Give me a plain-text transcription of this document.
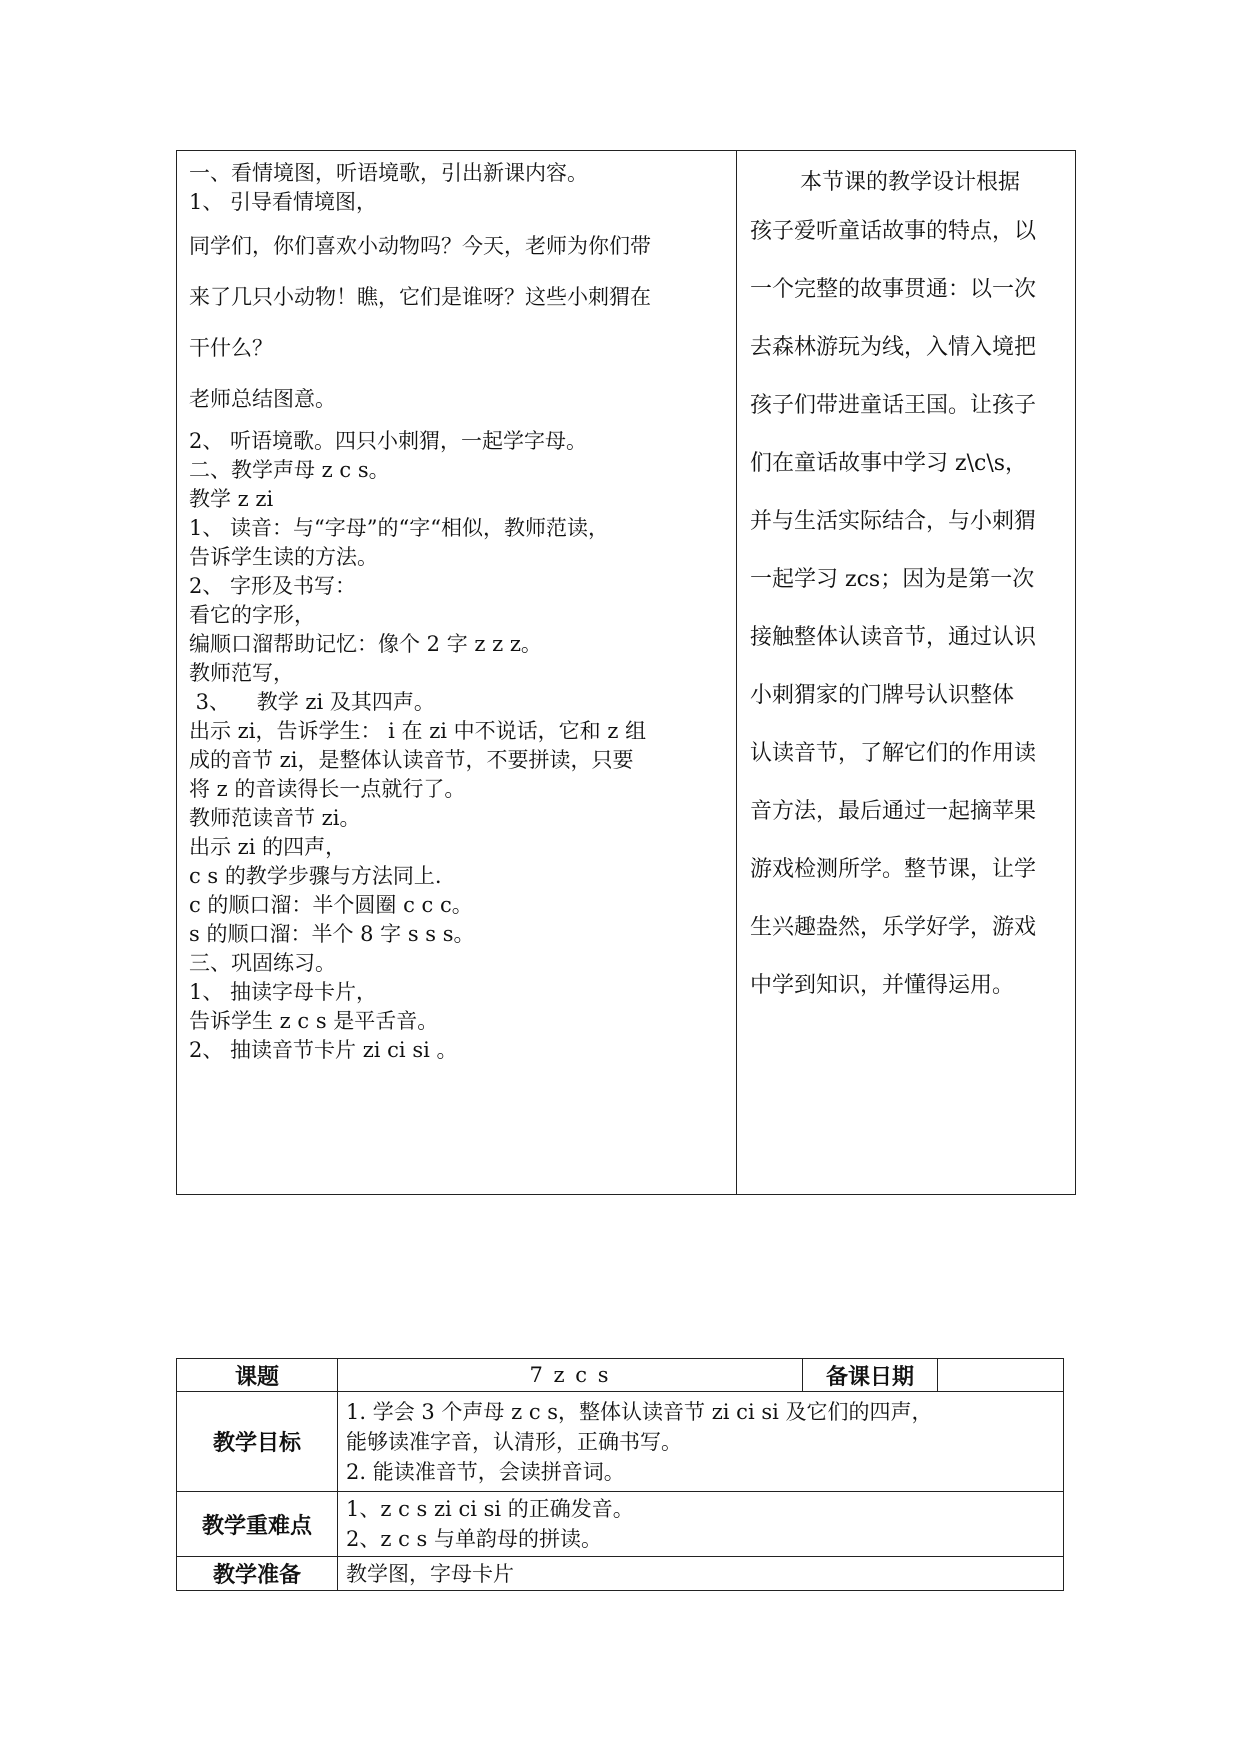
一、看情境图，听语境歌，引出新课内容。
1、 引导看情境图，
同学们，你们喜欢小动物吗？今天，老师为你们带
来了几只小动物！瞧，它们是谁呀？这些小刺猬在
干什么？
老师总结图意。
2、 听语境歌。四只小刺猬，一起学字母。
二、教学声母 z c s。
教学 z zi
1、 读音：与“字母”的“字“相似，教师范读，
告诉学生读的方法。
2、 字形及书写：
看它的字形，
编顺口溜帮助记忆：像个 2 字 z z z。
教师范写，
3、    教学 zi 及其四声。
出示 zi，告诉学生： i 在 zi 中不说话，它和 z 组
成的音节 zi，是整体认读音节，不要拼读，只要
将 z 的音读得长一点就行了。
教师范读音节 zi。
出示 zi 的四声，
c s 的教学步骤与方法同上.
c 的顺口溜：半个圆圈 c c c。
s 的顺口溜：半个 8 字 s s s。
三、巩固练习。
1、 抽读字母卡片，
告诉学生 z c s 是平舌音。
2、 抽读音节卡片 zi ci si 。
本节课的教学设计根据
孩子爱听童话故事的特点，以
一个完整的故事贯通：以一次
去森林游玩为线，入情入境把
孩子们带进童话王国。让孩子
们在童话故事中学习 z\c\s，
并与生活实际结合，与小刺猬
一起学习 zcs；因为是第一次
接触整体认读音节，通过认识
小刺猬家的门牌号认识整体
认读音节，了解它们的作用读
音方法，最后通过一起摘苹果
游戏检测所学。整节课，让学
生兴趣盎然，乐学好学，游戏
中学到知识，并懂得运用。
课题	7 z c s	备课日期	
教学目标	1. 学会 3 个声母 z c s，整体认读音节 zi ci si 及它们的四声，
能够读准字音，认清形，正确书写。
2. 能读准音节，会读拼音词。		

教学重难点	1、z c s zi ci si 的正确发音。
2、z c s 与单韵母的拼读。		

教学准备	教学图，字母卡片		
